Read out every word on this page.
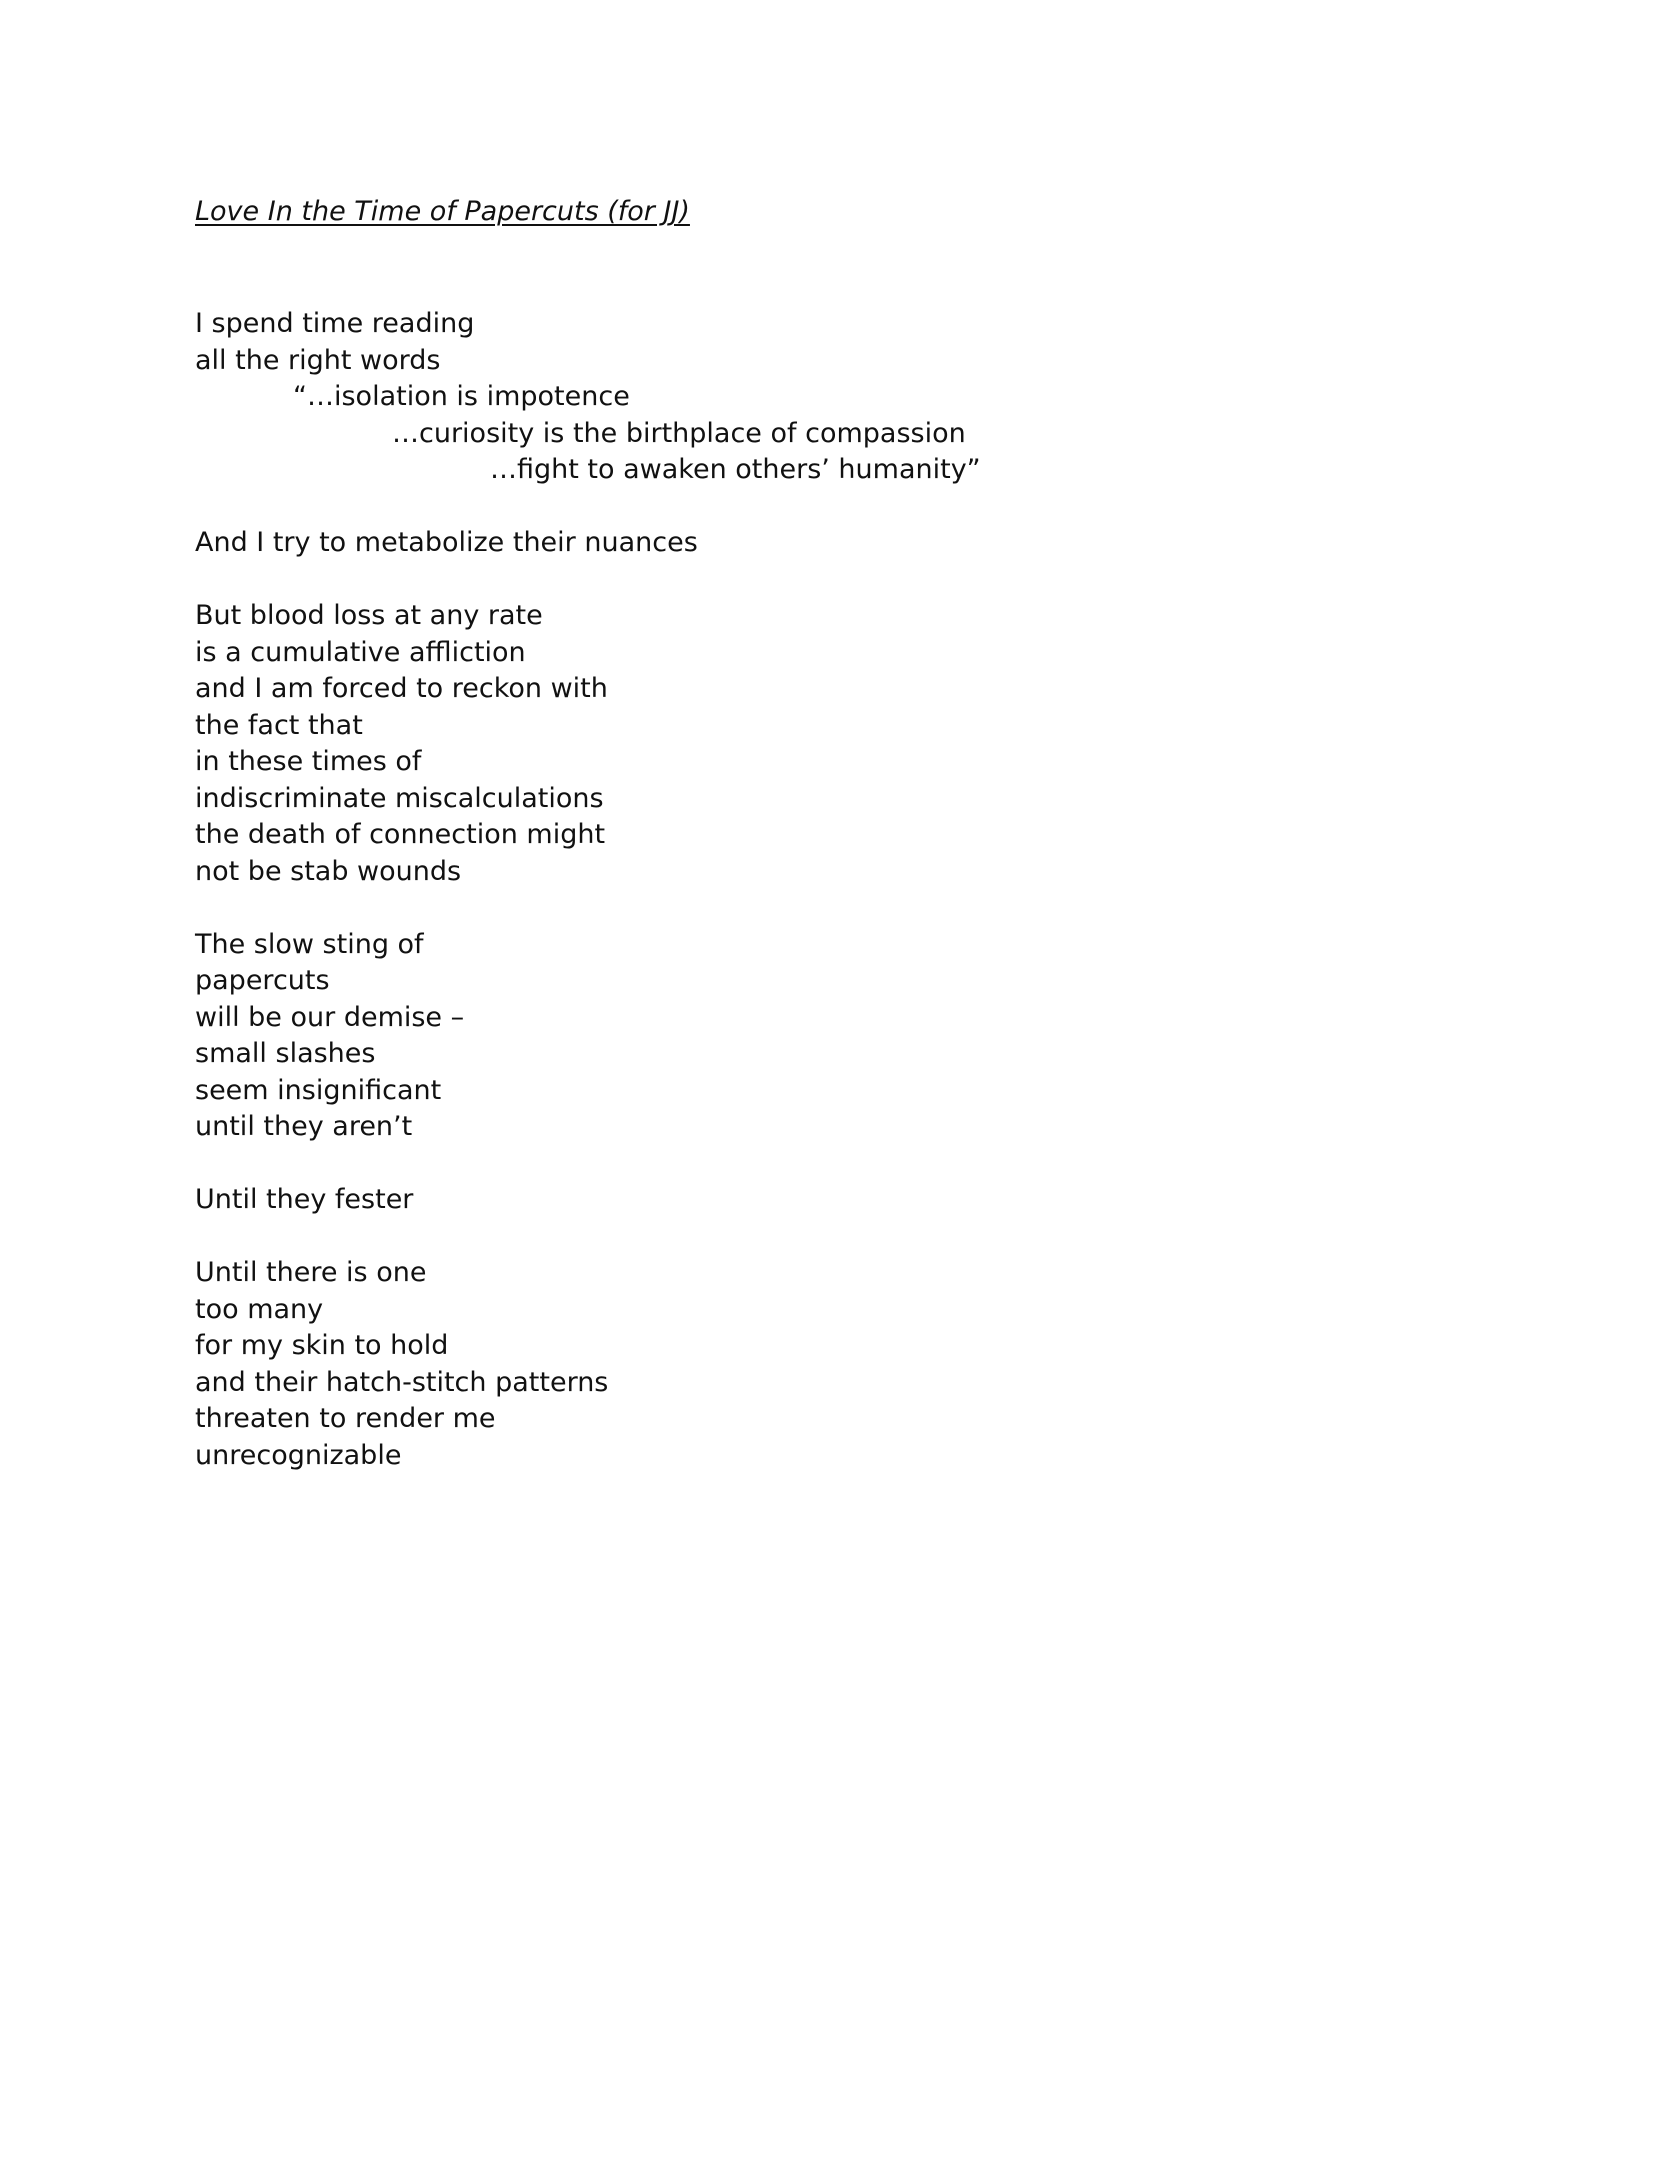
Love In the Time of Papercuts (for JJ)
I spend time reading
all the right words
“…isolation is impotence
…curiosity is the birthplace of compassion
…fight to awaken others’ humanity”
And I try to metabolize their nuances
But blood loss at any rate
is a cumulative affliction
and I am forced to reckon with
the fact that
in these times of
indiscriminate miscalculations
the death of connection might
not be stab wounds
The slow sting of
papercuts
will be our demise –
small slashes
seem insignificant
until they aren’t
Until they fester
Until there is one
too many
for my skin to hold
and their hatch-stitch patterns
threaten to render me
unrecognizable
